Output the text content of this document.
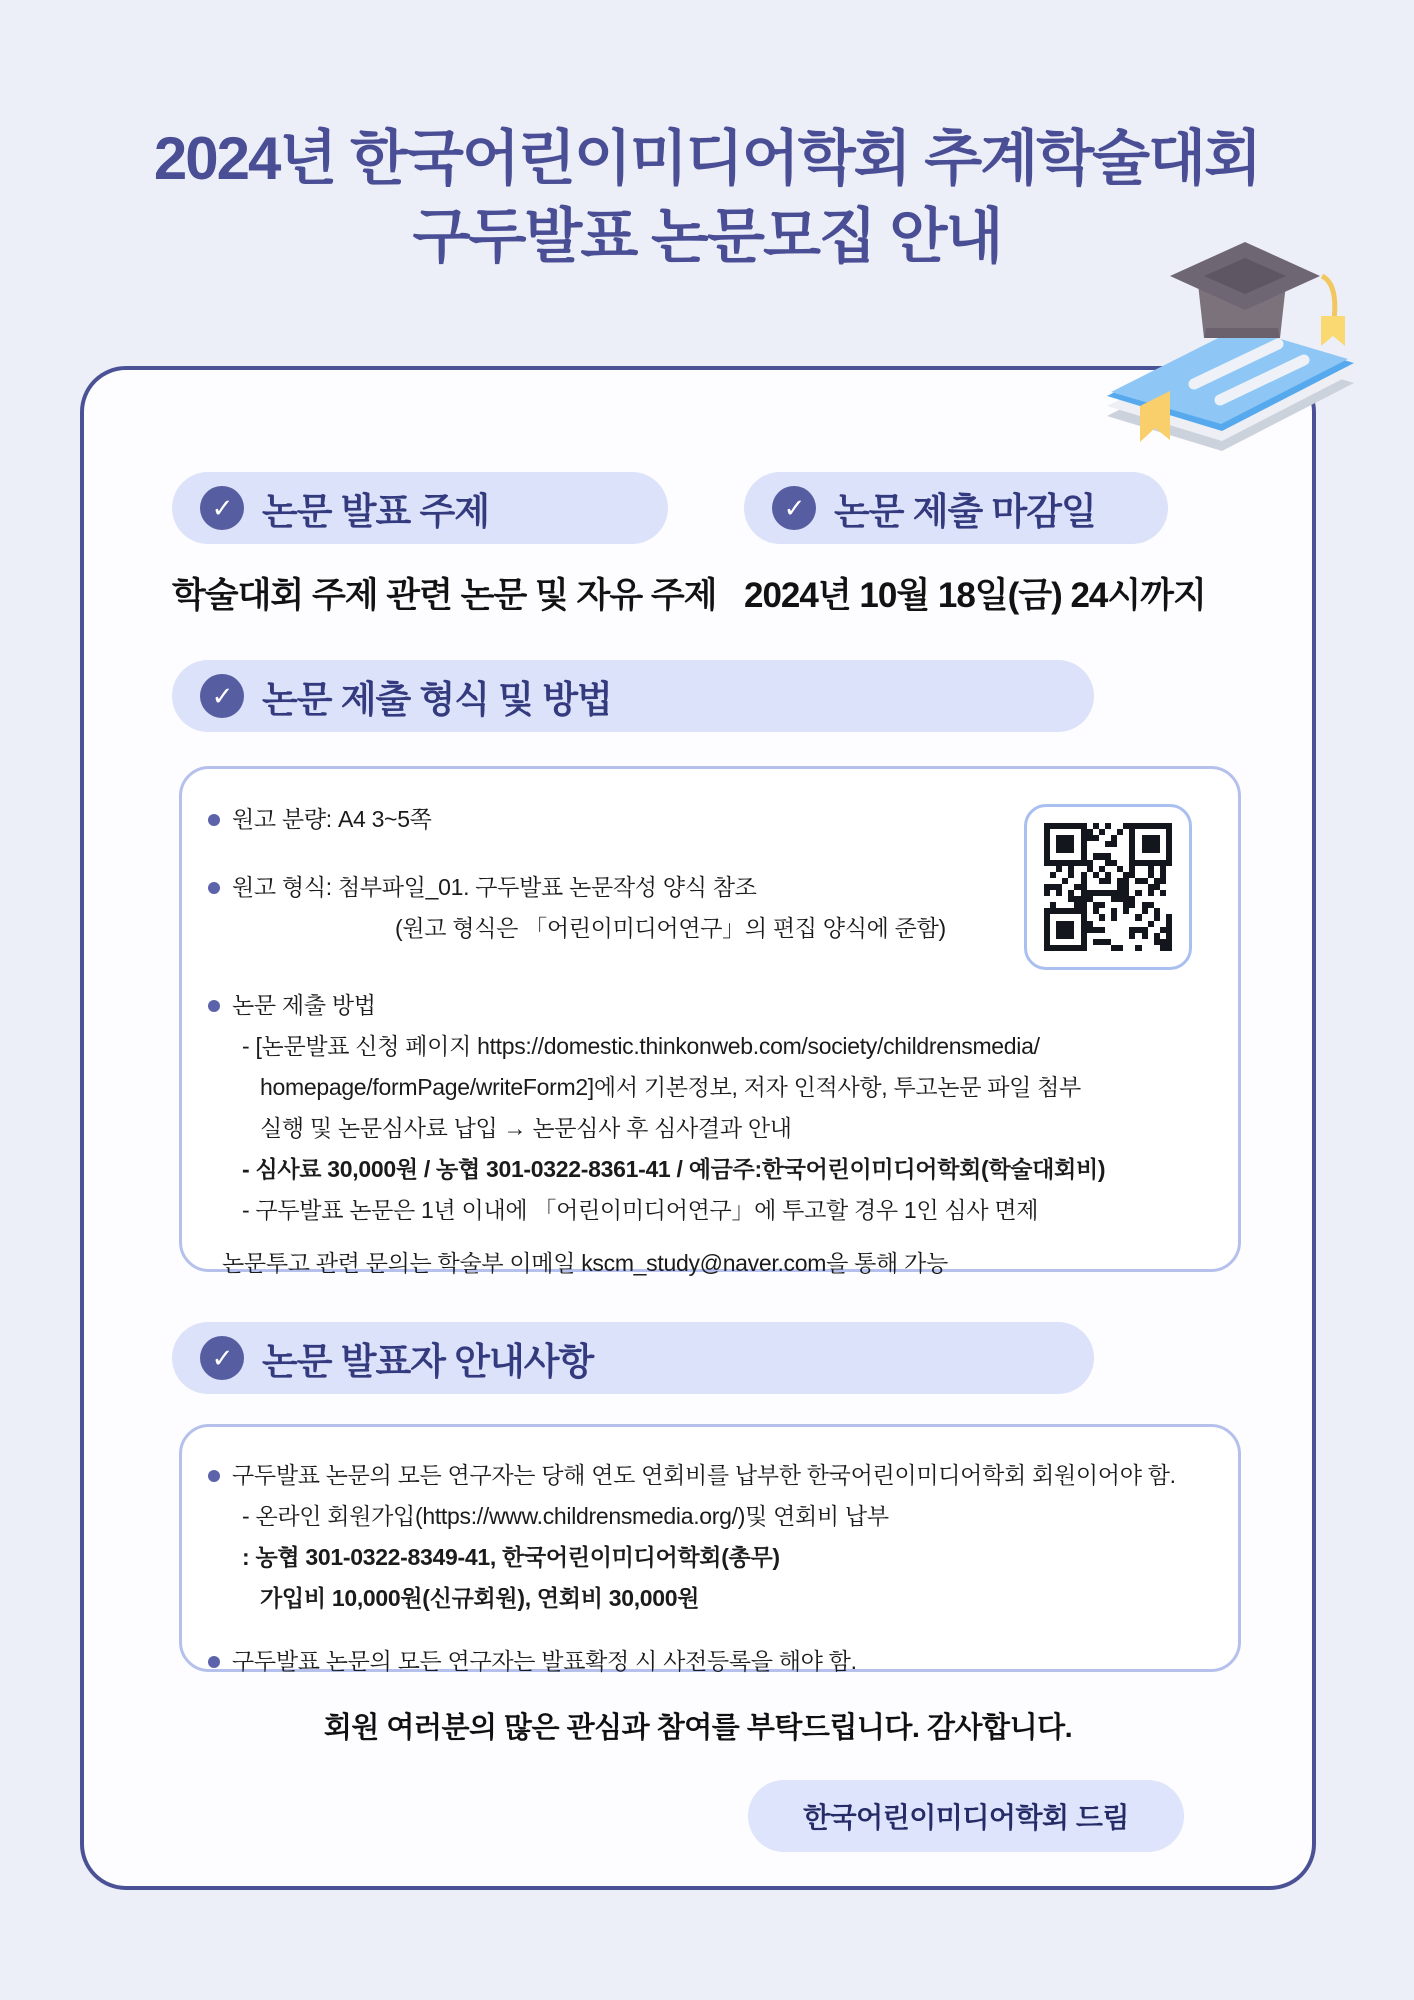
2024년 한국어린이미디어학회 추계학술대회
구두발표 논문모집 안내
✓ 논문 발표 주제	✓ 논문 제출 마감일
학술대회 주제 관련 논문 및 자유 주제 2024년 10월 18일(금) 24시까지
✓ 논문 제출 형식 및 방법
원고 분량: A4 3~5쪽
원고 형식: 첨부파일_01. 구두발표 논문작성 양식 참조
(원고 형식은 「어린이미디어연구」의 편집 양식에 준함)
논문 제출 방법
- [논문발표 신청 페이지 https://domestic.thinkonweb.com/society/childrensmedia/
homepage/formPage/writeForm2]에서 기본정보, 저자 인적사항, 투고논문 파일 첨부
실행 및 논문심사료 납입 → 논문심사 후 심사결과 안내
- 심사료 30,000원 / 농협 301-0322-8361-41 / 예금주:한국어린이미디어학회(학술대회비)
- 구두발표 논문은 1년 이내에 「어린이미디어연구」에 투고할 경우 1인 심사 면제
논문투고 관련 문의는 학술부 이메일 kscm_study@naver.com을 통해 가능
✓ 논문 발표자 안내사항
구두발표 논문의 모든 연구자는 당해 연도 연회비를 납부한 한국어린이미디어학회 회원이어야 함.
- 온라인 회원가입(https://www.childrensmedia.org/)및 연회비 납부
: 농협 301-0322-8349-41, 한국어린이미디어학회(총무)
가입비 10,000원(신규회원), 연회비 30,000원
구두발표 논문의 모든 연구자는 발표확정 시 사전등록을 해야 함.
회원 여러분의 많은 관심과 참여를 부탁드립니다. 감사합니다.
한국어린이미디어학회 드림
